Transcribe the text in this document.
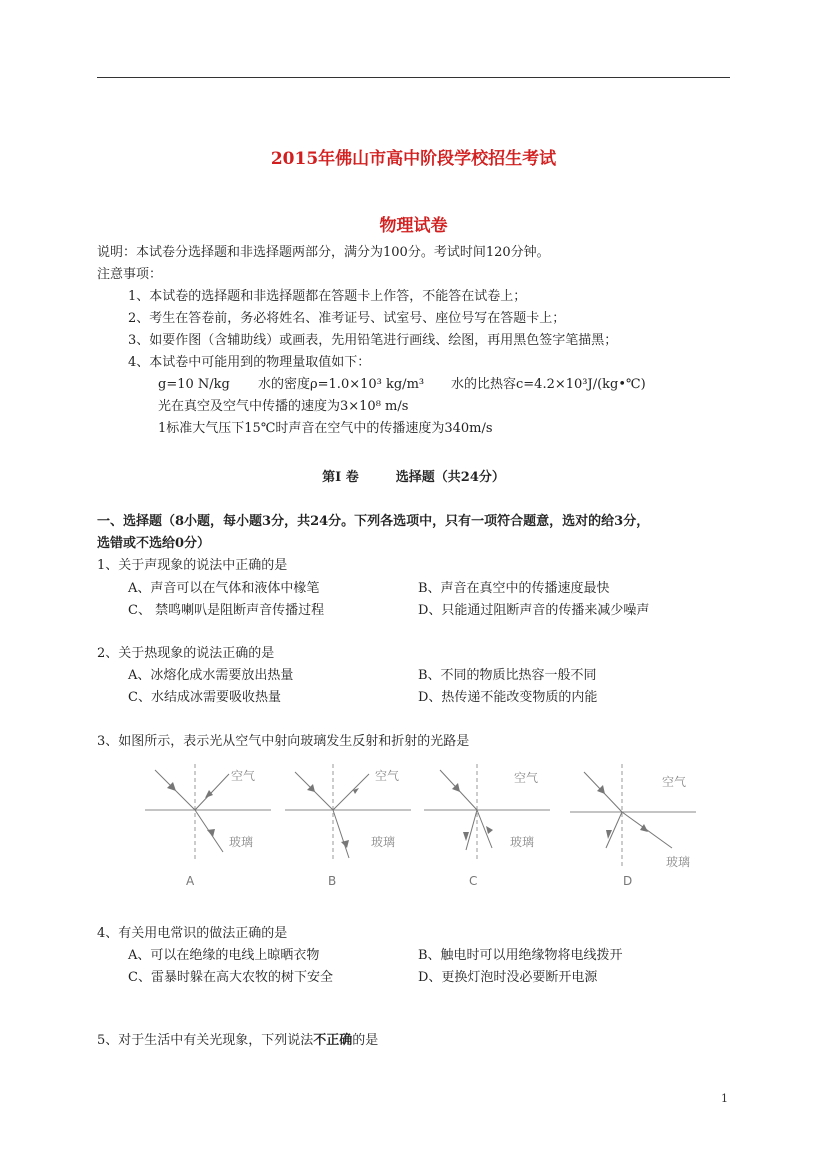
2015年佛山市高中阶段学校招生考试
物理试卷
说明：本试卷分选择题和非选择题两部分，满分为100分。考试时间120分钟。
注意事项：
1、本试卷的选择题和非选择题都在答题卡上作答，不能答在试卷上；
2、考生在答卷前，务必将姓名、准考证号、试室号、座位号写在答题卡上；
3、如要作图（含辅助线）或画表，先用铅笔进行画线、绘图，再用黑色签字笔描黑；
4、本试卷中可能用到的物理量取值如下：
g=10 N/kg 水的密度ρ=1.0×10³ kg/m³ 水的比热容c=4.2×10³J/(kg•℃)
光在真空及空气中传播的速度为3×10⁸ m/s
1标准大气压下15℃时声音在空气中的传播速度为340m/s
第Ⅰ 卷	选择题（共24分）
一、选择题（8小题，每小题3分，共24分。下列各选项中，只有一项符合题意，选对的给3分，
选错或不选给0分）
1、关于声现象的说法中正确的是
A、声音可以在气体和液体中椽笔	B、声音在真空中的传播速度最快
C、 禁鸣喇叭是阻断声音传播过程	D、只能通过阻断声音的传播来减少噪声
2、关于热现象的说法正确的是
A、冰熔化成水需要放出热量	B、不同的物质比热容一般不同
C、水结成冰需要吸收热量	D、热传递不能改变物质的内能
3、如图所示，表示光从空气中射向玻璃发生反射和折射的光路是
空气
玻璃
空气
玻璃
空气
玻璃
空气
玻璃
A	B	C	D
4、有关用电常识的做法正确的是
A、可以在绝缘的电线上晾晒衣物	B、触电时可以用绝缘物将电线拨开
C、雷暴时躲在高大农牧的树下安全	D、更换灯泡时没必要断开电源
5、对于生活中有关光现象，下列说法不正确的是
1
